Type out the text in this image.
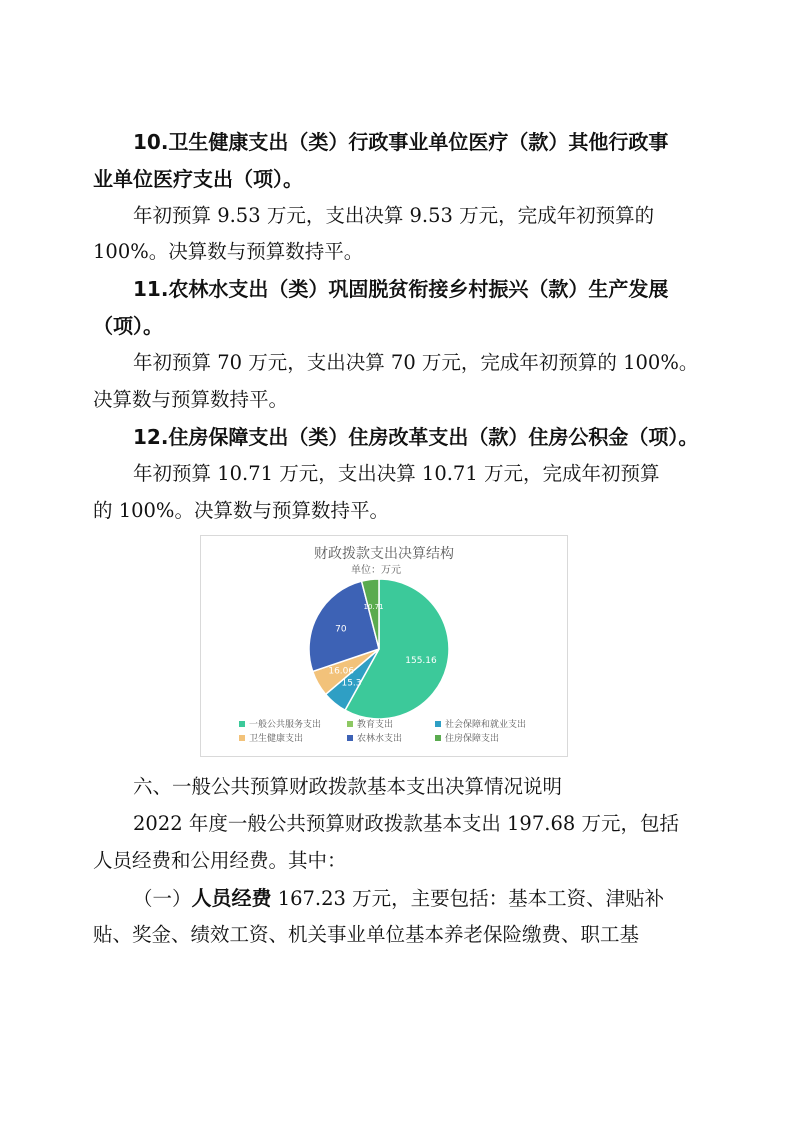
10.卫生健康支出（类）行政事业单位医疗（款）其他行政事
业单位医疗支出（项）。
年初预算 9.53 万元，支出决算 9.53 万元，完成年初预算的
100%。决算数与预算数持平。
11.农林水支出（类）巩固脱贫衔接乡村振兴（款）生产发展
（项）。
年初预算 70 万元，支出决算 70 万元，完成年初预算的 100%。
决算数与预算数持平。
12.住房保障支出（类）住房改革支出（款）住房公积金（项）。
年初预算 10.71 万元，支出决算 10.71 万元，完成年初预算
的 100%。决算数与预算数持平。
财政拨款支出决算结构
单位：万元
155.16
15.3
16.06
70
10.71
一般公共服务支出	教育支出	社会保障和就业支出
卫生健康支出	农林水支出	住房保障支出
六、一般公共预算财政拨款基本支出决算情况说明
2022 年度一般公共预算财政拨款基本支出 197.68 万元，包括
人员经费和公用经费。其中：
（一）人员经费 167.23 万元，主要包括：基本工资、津贴补
贴、奖金、绩效工资、机关事业单位基本养老保险缴费、职工基
